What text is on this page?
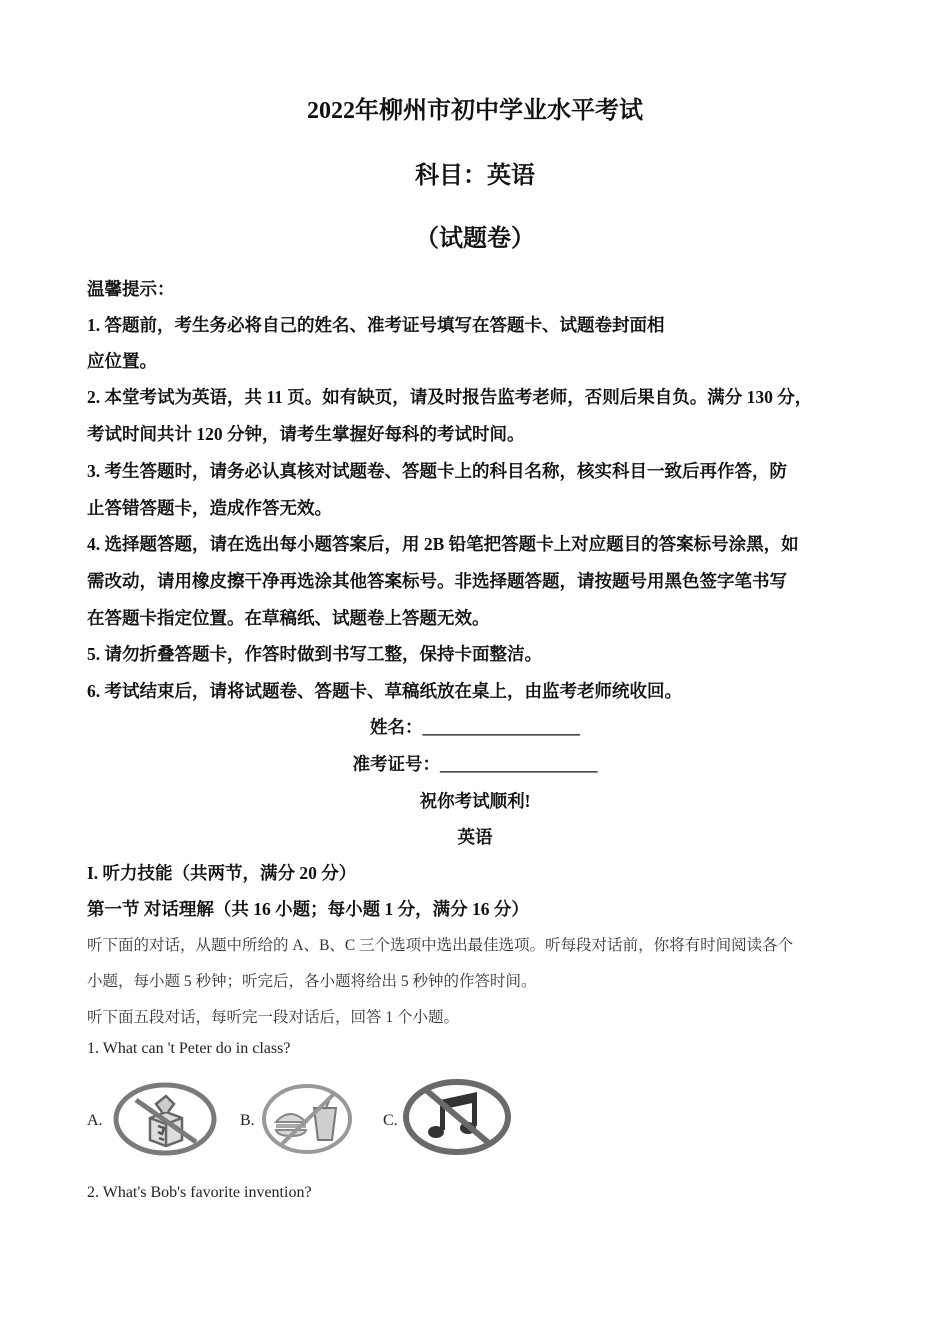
2022年柳州市初中学业水平考试
科目：英语
（试题卷）
温馨提示：
1. 答题前，考生务必将自己的姓名、准考证号填写在答题卡、试题卷封面相
应位置。
2. 本堂考试为英语，共 11 页。如有缺页，请及时报告监考老师，否则后果自负。满分 130 分，
考试时间共计 120 分钟，请考生掌握好每科的考试时间。
3. 考生答题时，请务必认真核对试题卷、答题卡上的科目名称，核实科目一致后再作答，防
止答错答题卡，造成作答无效。
4. 选择题答题，请在选出每小题答案后，用 2B 铅笔把答题卡上对应题目的答案标号涂黑，如
需改动，请用橡皮擦干净再选涂其他答案标号。非选择题答题，请按题号用黑色签字笔书写
在答题卡指定位置。在草稿纸、试题卷上答题无效。
5. 请勿折叠答题卡，作答时做到书写工整，保持卡面整洁。
6. 考试结束后，请将试题卷、答题卡、草稿纸放在桌上，由监考老师统收回。
姓名：__________________
准考证号：__________________
祝你考试顺利!
英语
I. 听力技能（共两节，满分 20 分）
第一节 对话理解（共 16 小题；每小题 1 分，满分 16 分）
听下面的对话，从题中所给的 A、B、C 三个选项中选出最佳选项。听每段对话前，你将有时间阅读各个
小题，每小题 5 秒钟；听完后，各小题将给出 5 秒钟的作答时间。
听下面五段对话，每听完一段对话后，回答 1 个小题。
1. What can 't Peter do in class?
A.	B.	C.
2. What's Bob's favorite invention?
